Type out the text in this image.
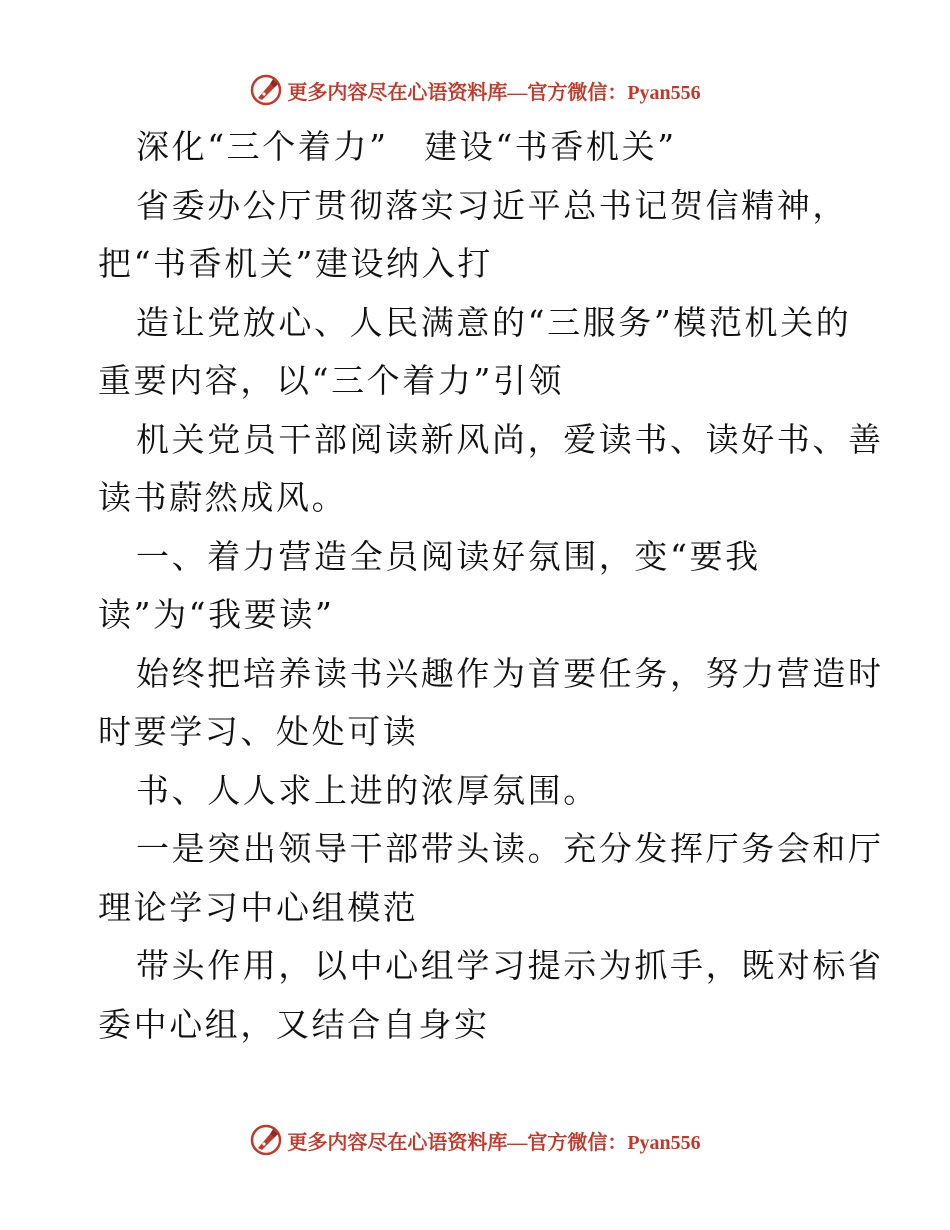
更多内容尽在心语资料库—官方微信：Pyan556
深化“三个着力”　建设“书香机关”
省委办公厅贯彻落实习近平总书记贺信精神，
把“书香机关”建设纳入打
造让党放心、人民满意的“三服务”模范机关的
重要内容，以“三个着力”引领
机关党员干部阅读新风尚，爱读书、读好书、善
读书蔚然成风。
一、着力营造全员阅读好氛围，变“要我
读”为“我要读”
始终把培养读书兴趣作为首要任务，努力营造时
时要学习、处处可读
书、人人求上进的浓厚氛围。
一是突出领导干部带头读。充分发挥厅务会和厅
理论学习中心组模范
带头作用，以中心组学习提示为抓手，既对标省
委中心组，又结合自身实
更多内容尽在心语资料库—官方微信：Pyan556
